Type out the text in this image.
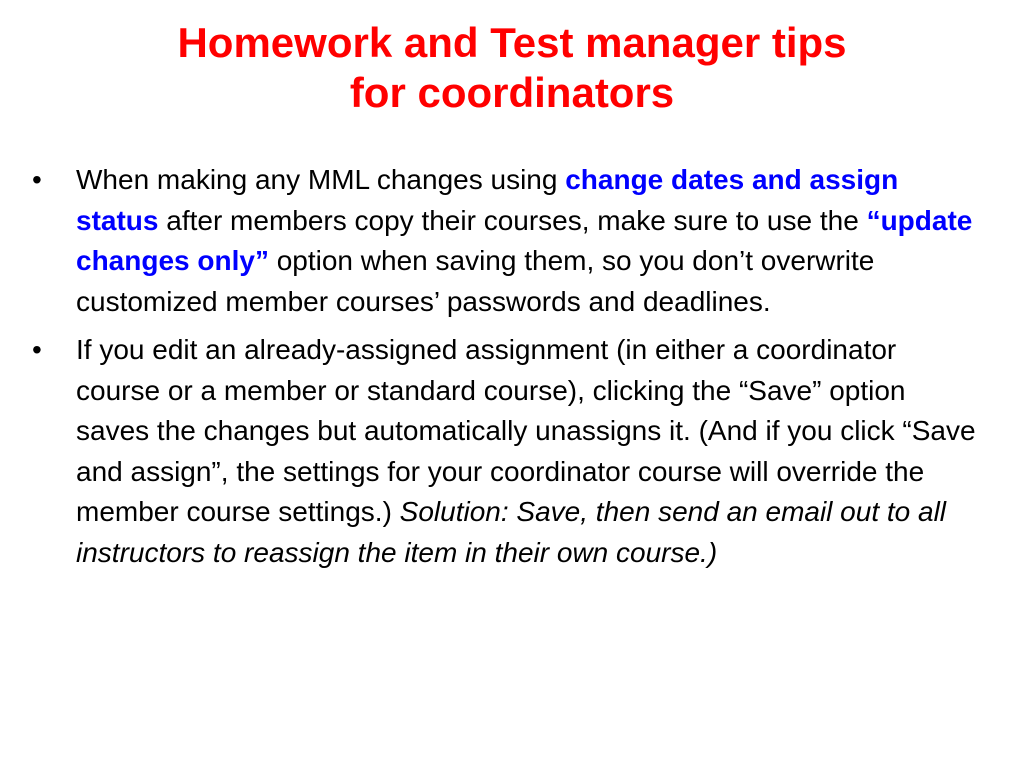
Homework and Test manager tips
for coordinators
•	When making any MML changes using change dates and assign status after members copy their courses, make sure to use the “update changes only” option when saving them, so you don’t overwrite customized member courses’ passwords and deadlines.
•	If you edit an already-assigned assignment (in either a coordinator course or a member or standard course), clicking the “Save” option saves the changes but automatically unassigns it. (And if you click “Save and assign”, the settings for your coordinator course will override the member course settings.) Solution: Save, then send an email out to all instructors to reassign the item in their own course.)
